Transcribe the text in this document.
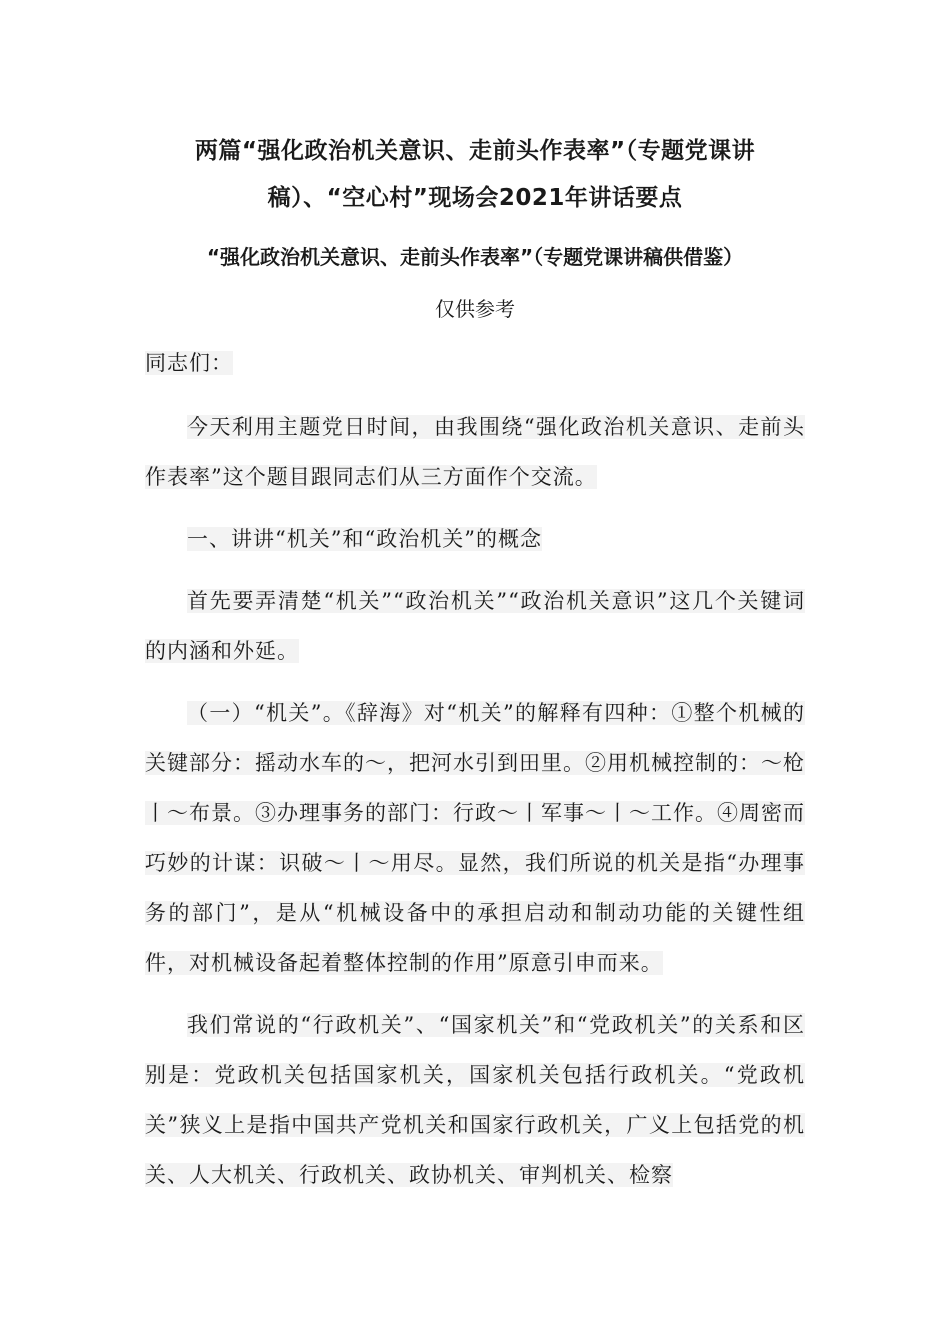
两篇“强化政治机关意识、走前头作表率”（专题党课讲
稿）、“空心村”现场会2021年讲话要点

“强化政治机关意识、走前头作表率”（专题党课讲稿供借鉴）

仅供参考

同志们：

今天利用主题党日时间，由我围绕“强化政治机关意识、走前头作表率”这个题目跟同志们从三方面作个交流。

一、讲讲“机关”和“政治机关”的概念

首先要弄清楚“机关”“政治机关”“政治机关意识”这几个关键词的内涵和外延。

（一）“机关”。《辞海》对“机关”的解释有四种：①整个机械的关键部分：摇动水车的～，把河水引到田里。②用机械控制的：～枪丨～布景。③办理事务的部门：行政～丨军事～丨～工作。④周密而巧妙的计谋：识破～丨～用尽。显然，我们所说的机关是指“办理事务的部门”，是从“机械设备中的承担启动和制动功能的关键性组件，对机械设备起着整体控制的作用”原意引申而来。

我们常说的“行政机关”、“国家机关”和“党政机关”的关系和区别是：党政机关包括国家机关，国家机关包括行政机关。“党政机关”狭义上是指中国共产党机关和国家行政机关，广义上包括党的机关、人大机关、行政机关、政协机关、审判机关、检察
